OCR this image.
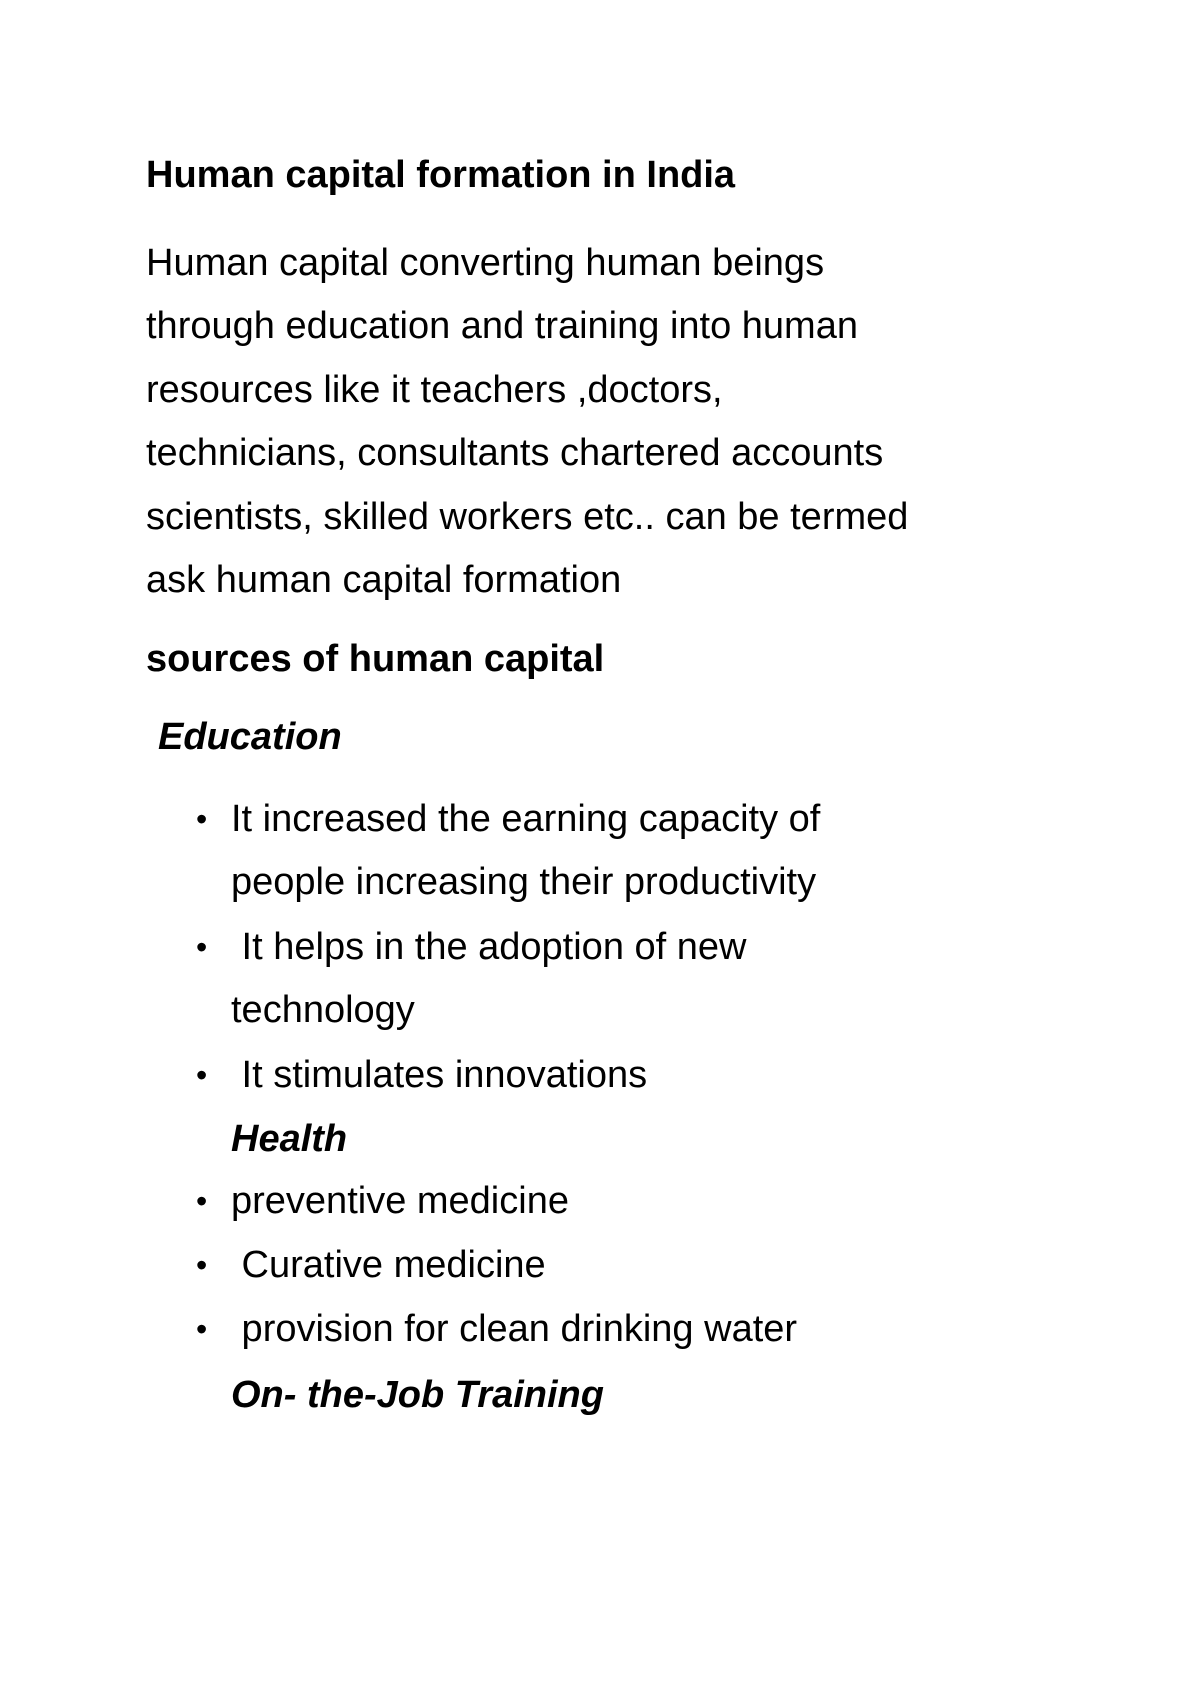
Human capital formation in India
Human capital converting human beings
through education and training into human
resources like it teachers ,doctors,
technicians, consultants chartered accounts
scientists, skilled workers etc.. can be termed
ask human capital formation
sources of human capital
Education
• It increased the earning capacity of
people increasing their productivity
• It helps in the adoption of new
technology
• It stimulates innovations
Health
• preventive medicine
• Curative medicine
• provision for clean drinking water
On- the-Job Training
